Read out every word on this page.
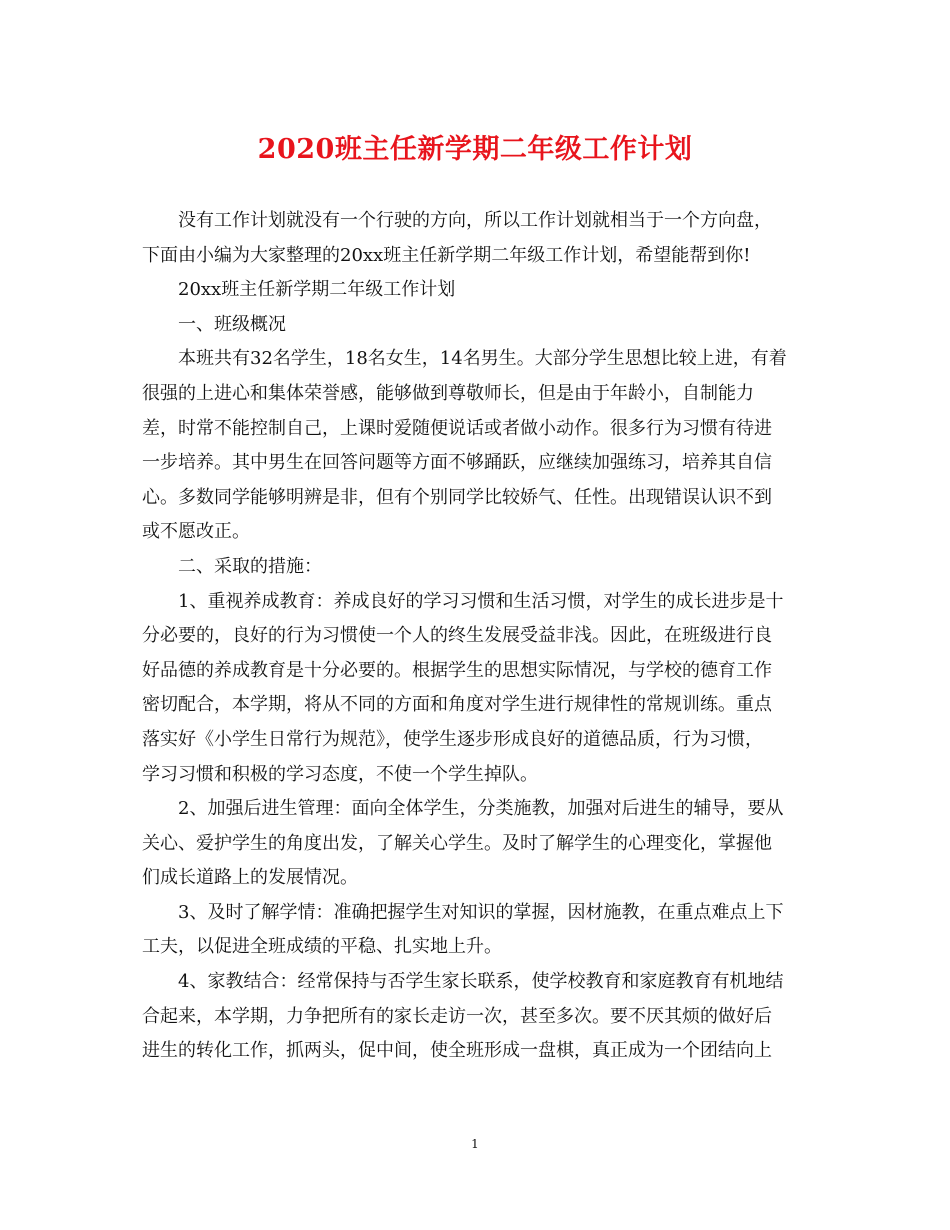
2020班主任新学期二年级工作计划

没有工作计划就没有一个行驶的方向，所以工作计划就相当于一个方向盘，
下面由小编为大家整理的20xx班主任新学期二年级工作计划，希望能帮到你!

20xx班主任新学期二年级工作计划

一、班级概况

本班共有32名学生，18名女生，14名男生。大部分学生思想比较上进，有着
很强的上进心和集体荣誉感，能够做到尊敬师长，但是由于年龄小，自制能力
差，时常不能控制自己，上课时爱随便说话或者做小动作。很多行为习惯有待进
一步培养。其中男生在回答问题等方面不够踊跃，应继续加强练习，培养其自信
心。多数同学能够明辨是非，但有个别同学比较娇气、任性。出现错误认识不到
或不愿改正。

二、采取的措施：

1、重视养成教育：养成良好的学习习惯和生活习惯，对学生的成长进步是十
分必要的，良好的行为习惯使一个人的终生发展受益非浅。因此，在班级进行良
好品德的养成教育是十分必要的。根据学生的思想实际情况，与学校的德育工作
密切配合，本学期，将从不同的方面和角度对学生进行规律性的常规训练。重点
落实好《小学生日常行为规范》，使学生逐步形成良好的道德品质，行为习惯，
学习习惯和积极的学习态度，不使一个学生掉队。

2、加强后进生管理：面向全体学生，分类施教，加强对后进生的辅导，要从
关心、爱护学生的角度出发，了解关心学生。及时了解学生的心理变化，掌握他
们成长道路上的发展情况。

3、及时了解学情：准确把握学生对知识的掌握，因材施教，在重点难点上下
工夫，以促进全班成绩的平稳、扎实地上升。

4、家教结合：经常保持与否学生家长联系，使学校教育和家庭教育有机地结
合起来，本学期，力争把所有的家长走访一次，甚至多次。要不厌其烦的做好后
进生的转化工作，抓两头，促中间，使全班形成一盘棋，真正成为一个团结向上

1
